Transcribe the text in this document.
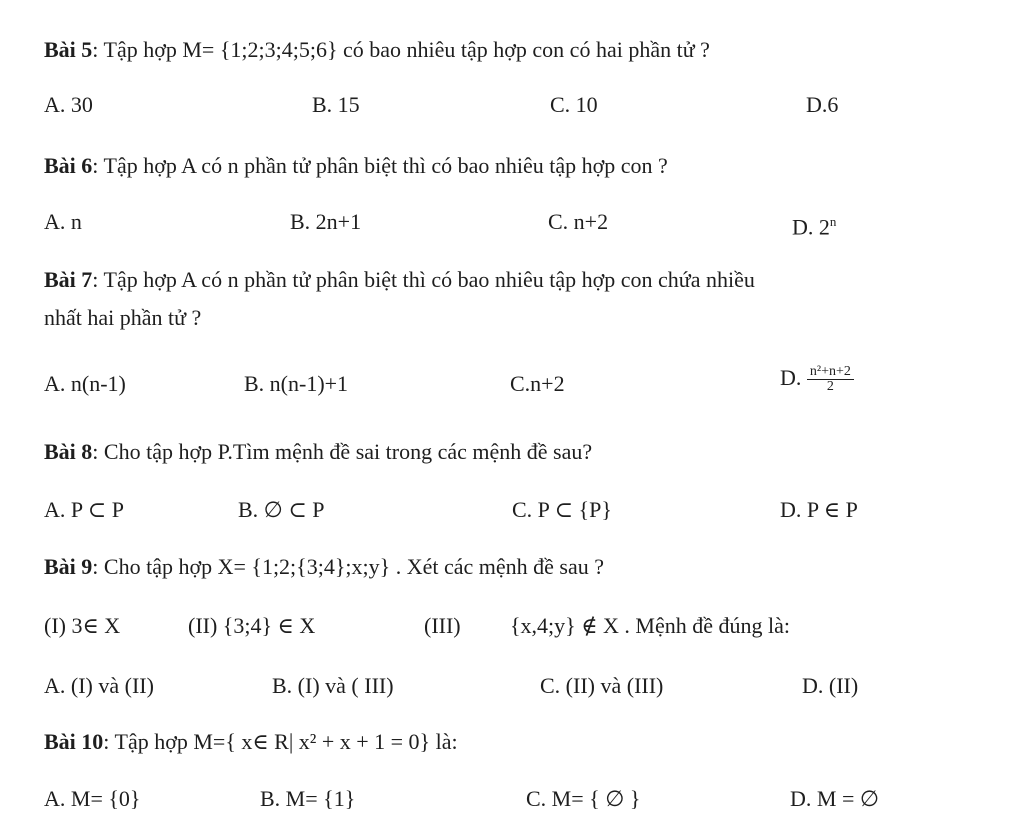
Bài 5: Tập hợp M= {1;2;3;4;5;6} có bao nhiêu tập hợp con có hai phần tử ?
A. 30	B. 15	C. 10	D.6
Bài 6: Tập hợp A có n phần tử phân biệt thì có bao nhiêu tập hợp con ?
A. n	B. 2n+1	C. n+2	D. 2$^n$
Bài 7: Tập hợp A có n phần tử phân biệt thì có bao nhiêu tập hợp con chứa nhiều
nhất hai phần tử ?
A. n(n-1)	B. n(n-1)+1	C.n+2	D. $\frac{\text{n²+n+2}}{2}$
Bài 8: Cho tập hợp P.Tìm mệnh đề sai trong các mệnh đề sau?
A. P ⊂ P	B. ∅ ⊂ P	C. P ⊂ {P}	D. P ∈ P
Bài 9: Cho tập hợp X= {1;2;{3;4};x;y} . Xét các mệnh đề sau ?
(I) 3∈ X	(II) {3;4} ∈ X	(III) {x,4;y} ∉ X . Mệnh đề đúng là:
A. (I) và (II)	B. (I) và ( III)	C. (II) và (III)	D. (II)
Bài 10: Tập hợp M={ x∈ R| x² + x + 1 = 0} là:
A. M= {0}	B. M= {1}	C. M= { ∅ }	D. M = ∅
